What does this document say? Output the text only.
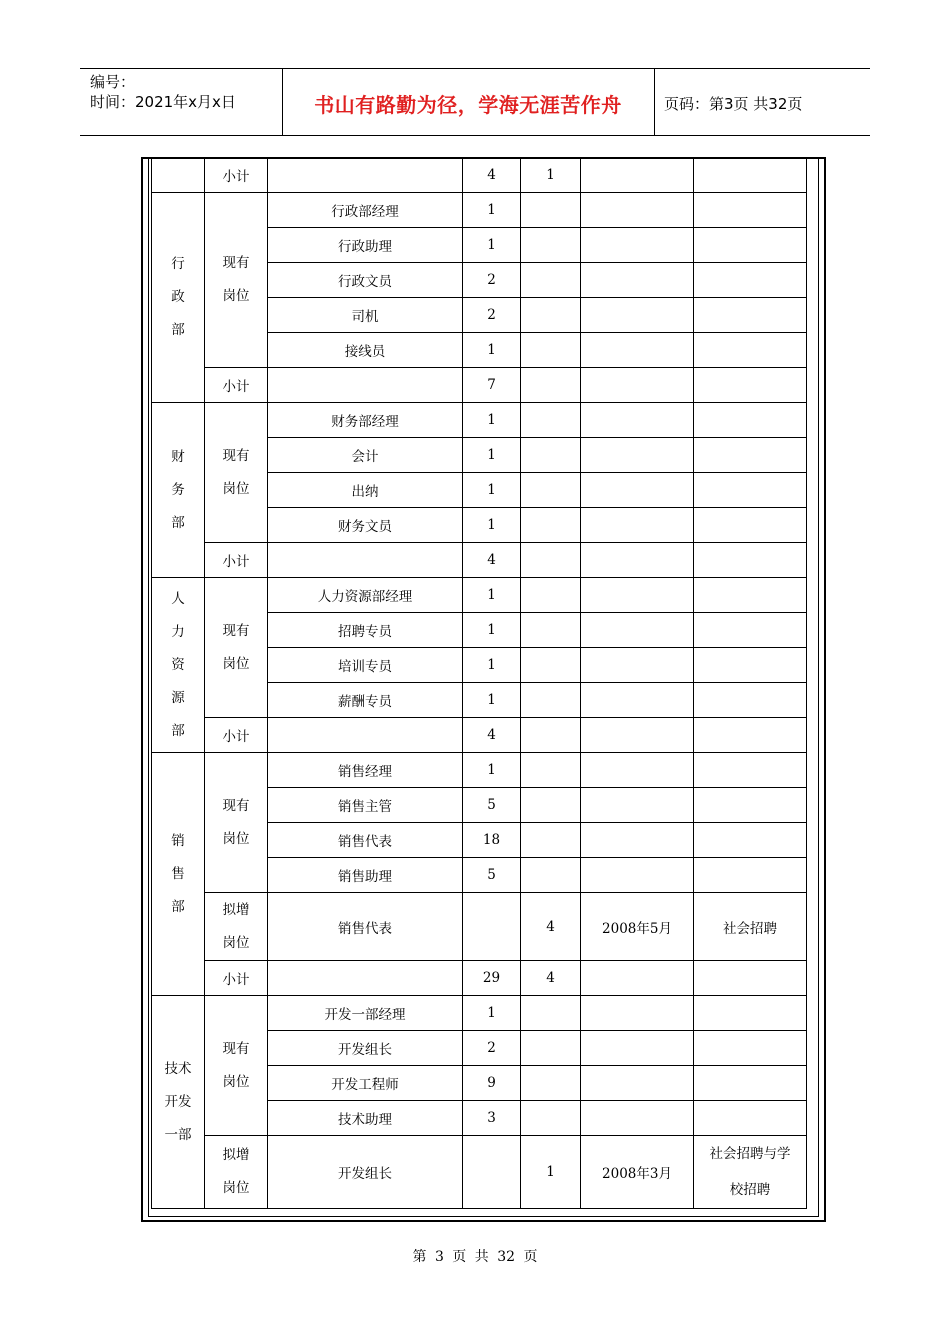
编号：
时间：2021年x月x日	书山有路勤为径，学海无涯苦作舟	页码：第3页 共32页
	小计		4	1		

行政部	现有岗位	行政部经理	1			
		行政助理	1			
		行政文员	2			
		司机	2			
		接线员	1			
	小计		7			

财务部	现有岗位	财务部经理	1			
		会计	1			
		出纳	1			
		财务文员	1			
	小计		4			

人力资源部	现有岗位	人力资源部经理	1			
		招聘专员	1			
		培训专员	1			
		薪酬专员	1			
	小计		4			

销售部	现有岗位	销售经理	1			
		销售主管	5			
		销售代表	18			
		销售助理	5			

	拟增岗位	销售代表		4	2008年5月	社会招聘
	小计		29	4		

技术开发一部	现有岗位	开发一部经理	1			
		开发组长	2			
		开发工程师	9			
		技术助理	3			

	拟增岗位	开发组长		1	2008年3月	社会招聘与学校招聘
第 3 页 共 32 页
